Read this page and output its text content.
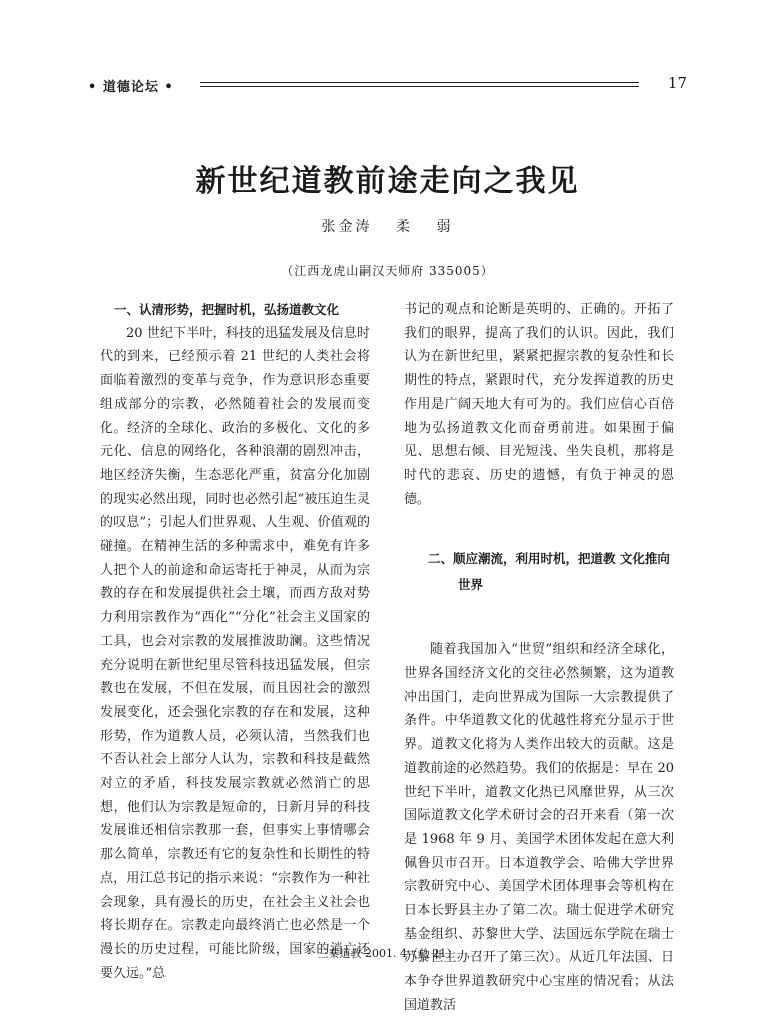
• 道德论坛 •	17
新世纪道教前途走向之我见
张金涛 柔 弱
（江西龙虎山嗣汉天师府 335005）
一、认清形势，把握时机，弘扬道教文化

20 世纪下半叶，科技的迅猛发展及信息时代的到来，已经预示着 21 世纪的人类社会将面临着激烈的变革与竞争，作为意识形态重要组成部分的宗教，必然随着社会的发展而变化。经济的全球化、政治的多极化、文化的多元化、信息的网络化，各种浪潮的剧烈冲击，地区经济失衡，生态恶化严重，贫富分化加剧的现实必然出现，同时也必然引起“被压迫生灵的叹息”；引起人们世界观、人生观、价值观的碰撞。在精神生活的多种需求中，难免有许多人把个人的前途和命运寄托于神灵，从而为宗教的存在和发展提供社会土壤，而西方敌对势力利用宗教作为“西化”“分化”社会主义国家的工具，也会对宗教的发展推波助澜。这些情况充分说明在新世纪里尽管科技迅猛发展，但宗教也在发展，不但在发展，而且因社会的激烈发展变化，还会强化宗教的存在和发展，这种形势，作为道教人员，必须认清，当然我们也不否认社会上部分人认为，宗教和科技是截然对立的矛盾，科技发展宗教就必然消亡的思想，他们认为宗教是短命的，日新月异的科技发展谁还相信宗教那一套，但事实上事情哪会那么简单，宗教还有它的复杂性和长期性的特点，用江总书记的指示来说：“宗教作为一种社会现象，具有漫长的历史，在社会主义社会也将长期存在。宗教走向最终消亡也必然是一个漫长的历史过程，可能比阶级，国家的消亡还要久远。”总

书记的观点和论断是英明的、正确的。开拓了我们的眼界，提高了我们的认识。因此，我们认为在新世纪里，紧紧把握宗教的复杂性和长期性的特点，紧跟时代，充分发挥道教的历史作用是广阔天地大有可为的。我们应信心百倍地为弘扬道教文化而奋勇前进。如果囿于偏见、思想右倾、目光短浅、坐失良机，那将是时代的悲哀、历史的遗憾，有负于神灵的恩德。

二、顺应潮流，利用时机，把道教 文化推向
世界

随着我国加入“世贸”组织和经济全球化，世界各国经济文化的交往必然频繁，这为道教冲出国门，走向世界成为国际一大宗教提供了条件。中华道教文化的优越性将充分显示于世界。道教文化将为人类作出较大的贡献。这是道教前途的必然趋势。我们的依据是：早在 20 世纪下半叶，道教文化热已风靡世界，从三次国际道教文化学术研讨会的召开来看（第一次是 1968 年 9 月、美国学术团体发起在意大利佩鲁贝市召开。日本道教学会、哈佛大学世界宗教研究中心、美国学术团体理事会等机构在日本长野县主办了第二次。瑞士促进学术研究基金组织、苏黎世大学、法国远东学院在瑞士苏黎世主办召开了第三次）。从近几年法国、日本争夺世界道教研究中心宝座的情况看；从法国道教活

三秦道教 2001. 4（总 21）
